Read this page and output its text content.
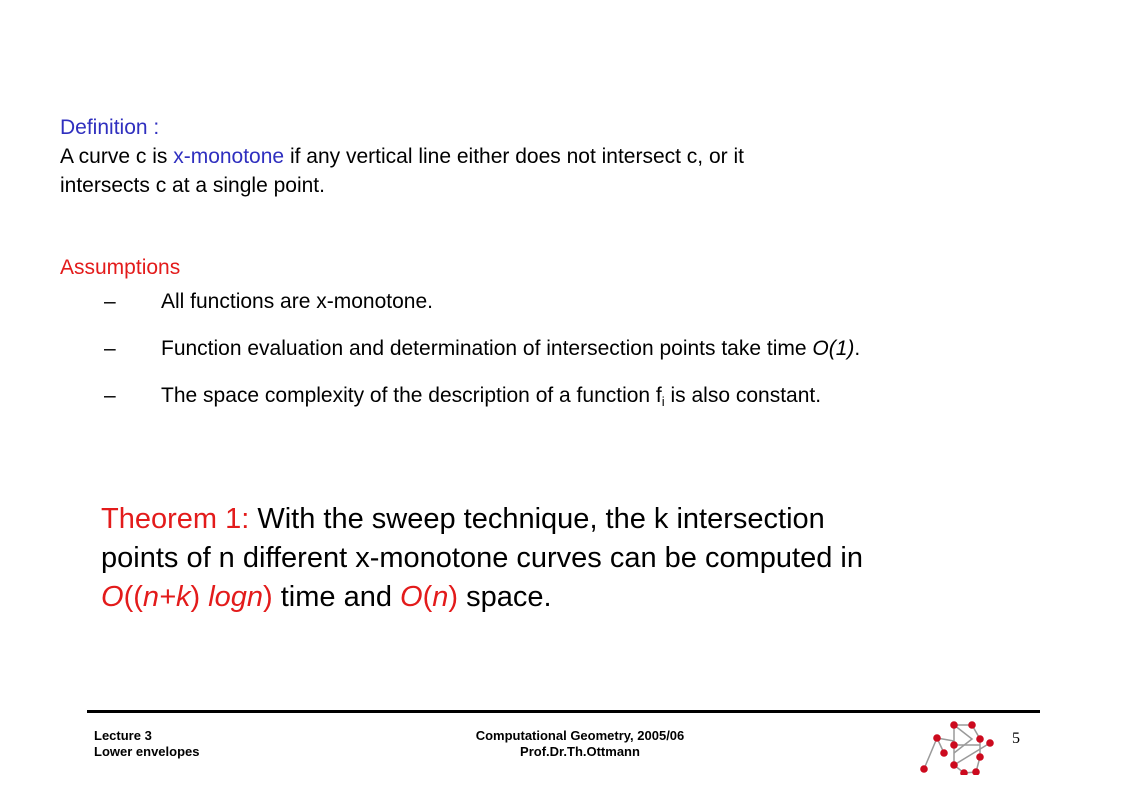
Definition :
A curve c is x-monotone if any vertical line either does not intersect c, or it
intersects c at a single point.
Assumptions
– All functions are x-monotone.
– Function evaluation and determination of intersection points take time O(1).
– The space complexity of the description of a function $f_i$ is also constant.
Theorem 1: With the sweep technique, the k intersection
points of n different x-monotone curves can be computed in
O((n+k) logn) time and O(n) space.
Lecture 3
Lower envelopes
Computational Geometry, 2005/06
Prof.Dr.Th.Ottmann
5
